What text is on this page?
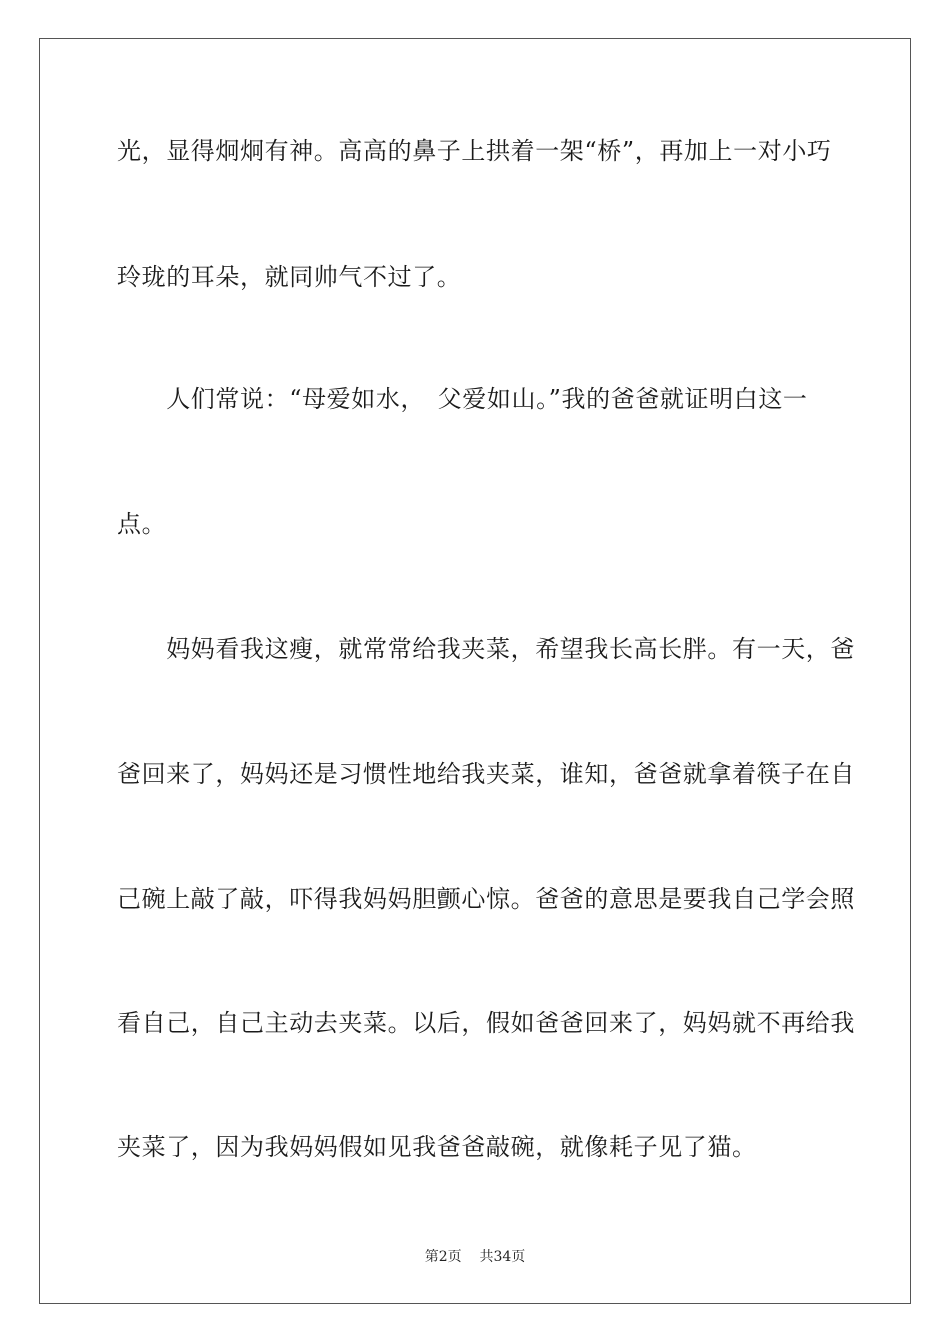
光，显得炯炯有神。高高的鼻子上拱着一架“桥”，再加上一对小巧
玲珑的耳朵，就同帅气不过了。
　　人们常说：“母爱如水，　父爱如山。”我的爸爸就证明白这一
点。
　　妈妈看我这瘦，就常常给我夹菜，希望我长高长胖。有一天，爸
爸回来了，妈妈还是习惯性地给我夹菜，谁知，爸爸就拿着筷子在自
己碗上敲了敲，吓得我妈妈胆颤心惊。爸爸的意思是要我自己学会照
看自己，自己主动去夹菜。以后，假如爸爸回来了，妈妈就不再给我
夹菜了，因为我妈妈假如见我爸爸敲碗，就像耗子见了猫。
第2页 共34页
